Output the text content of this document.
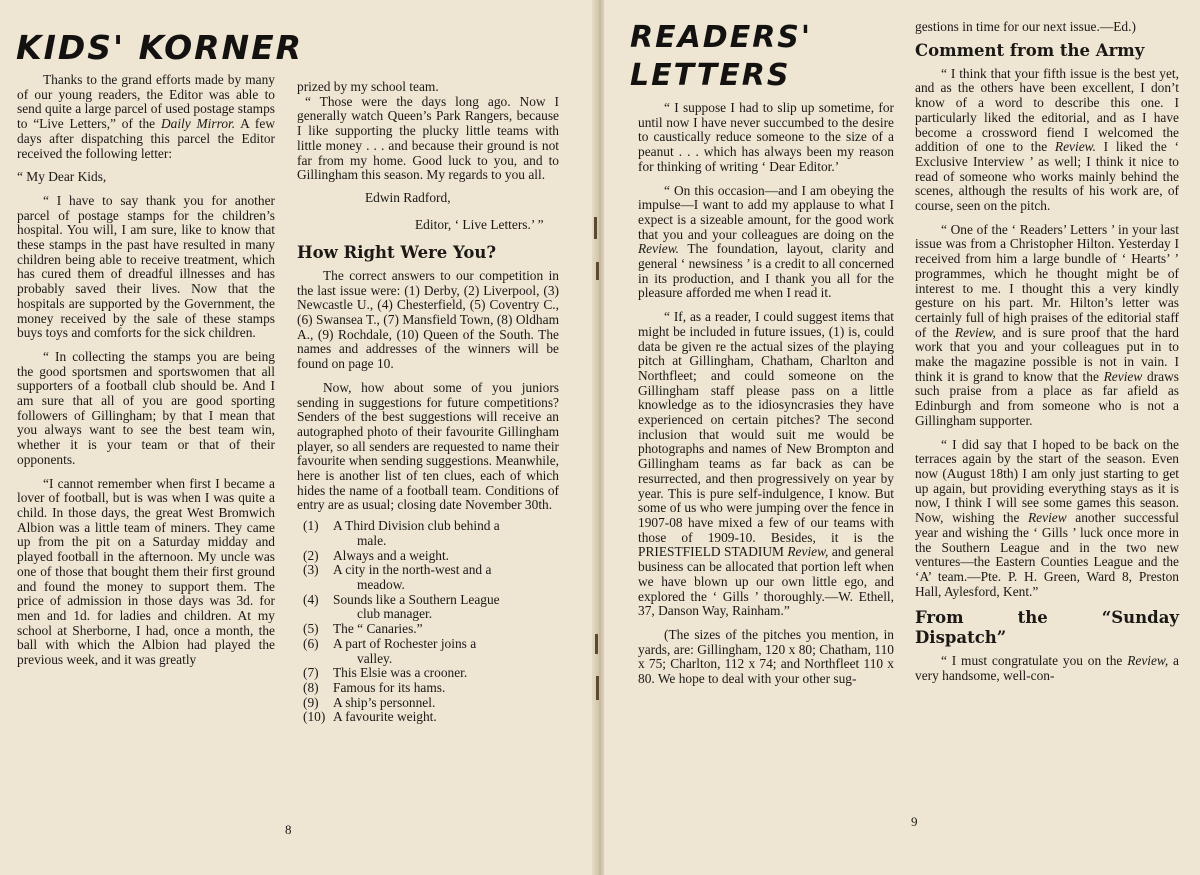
KIDS' KORNER

Thanks to the grand efforts made by many of our young readers, the Editor was able to send quite a large parcel of used postage stamps to “Live Letters,” of the Daily Mirror. A few days after dispatching this parcel the Editor received the following letter:

“ My Dear Kids,

“ I have to say thank you for another parcel of postage stamps for the children’s hospital. You will, I am sure, like to know that these stamps in the past have resulted in many children being able to receive treatment, which has cured them of dreadful illnesses and has probably saved their lives. Now that the hospitals are supported by the Government, the money received by the sale of these stamps buys toys and comforts for the sick children.

“ In collecting the stamps you are being the good sportsmen and sportswomen that all supporters of a football club should be. And I am sure that all of you are good sporting followers of Gillingham; by that I mean that you always want to see the best team win, whether it is your team or that of their opponents.

“I cannot remember when first I became a lover of football, but is was when I was quite a child. In those days, the great West Bromwich Albion was a little team of miners. They came up from the pit on a Saturday midday and played football in the afternoon. My uncle was one of those that bought them their first ground and found the money to support them. The price of admission in those days was 3d. for men and 1d. for ladies and children. At my school at Sherborne, I had, once a month, the ball with which the Albion had played the previous week, and it was greatly

prized by my school team.

“ Those were the days long ago. Now I generally watch Queen’s Park Rangers, because I like supporting the plucky little teams with little money . . . and because their ground is not far from my home. Good luck to you, and to Gillingham this season. My regards to you all.

Edwin Radford,

Editor, ‘ Live Letters.’ ”

How Right Were You?

The correct answers to our competition in the last issue were: (1) Derby, (2) Liverpool, (3) Newcastle U., (4) Chesterfield, (5) Coventry C., (6) Swansea T., (7) Mansfield Town, (8) Oldham A., (9) Rochdale, (10) Queen of the South. The names and addresses of the winners will be found on page 10.

Now, how about some of you juniors sending in suggestions for future competitions? Senders of the best suggestions will receive an autographed photo of their favourite Gillingham player, so all senders are requested to name their favourite when sending suggestions. Meanwhile, here is another list of ten clues, each of which hides the name of a football team. Conditions of entry are as usual; closing date November 30th.

(1) A Third Division club behind a
male.
(2) Always and a weight.
(3) A city in the north-west and a
meadow.
(4) Sounds like a Southern League
club manager.
(5) The “ Canaries.”
(6) A part of Rochester joins a
valley.
(7) This Elsie was a crooner.
(8) Famous for its hams.
(9) A ship’s personnel.
(10) A favourite weight.
8
READERS'
LETTERS

“ I suppose I had to slip up sometime, for until now I have never succumbed to the desire to caustically reduce someone to the size of a peanut . . . which has always been my reason for thinking of writing ‘ Dear Editor.’

“ On this occasion—and I am obeying the impulse—I want to add my applause to what I expect is a sizeable amount, for the good work that you and your colleagues are doing on the Review. The foundation, layout, clarity and general ‘ newsiness ’ is a credit to all concerned in its production, and I thank you all for the pleasure afforded me when I read it.

“ If, as a reader, I could suggest items that might be included in future issues, (1) is, could data be given re the actual sizes of the playing pitch at Gillingham, Chatham, Charlton and Northfleet; and could someone on the Gillingham staff please pass on a little knowledge as to the idiosyncrasies they have experienced on certain pitches? The second inclusion that would suit me would be photographs and names of New Brompton and Gillingham teams as far back as can be resurrected, and then progressively on year by year. This is pure self-indulgence, I know. But some of us who were jumping over the fence in 1907-08 have mixed a few of our teams with those of 1909-10. Besides, it is the PRIESTFIELD STADIUM Review, and general business can be allocated that portion left when we have blown up our own little ego, and explored the ‘ Gills ’ thoroughly.—W. Ethell, 37, Danson Way, Rainham.”

(The sizes of the pitches you mention, in yards, are: Gillingham, 120 x 80; Chatham, 110 x 75; Charlton, 112 x 74; and Northfleet 110 x 80. We hope to deal with your other sug-

gestions in time for our next issue.—Ed.)

Comment from the Army

“ I think that your fifth issue is the best yet, and as the others have been excellent, I don’t know of a word to describe this one. I particularly liked the editorial, and as I have become a crossword fiend I welcomed the addition of one to the Review. I liked the ‘ Exclusive Interview ’ as well; I think it nice to read of someone who works mainly behind the scenes, although the results of his work are, of course, seen on the pitch.

“ One of the ‘ Readers’ Letters ’ in your last issue was from a Christopher Hilton. Yesterday I received from him a large bundle of ‘ Hearts’ ’ programmes, which he thought might be of interest to me. I thought this a very kindly gesture on his part. Mr. Hilton’s letter was certainly full of high praises of the editorial staff of the Review, and is sure proof that the hard work that you and your colleagues put in to make the magazine possible is not in vain. I think it is grand to know that the Review draws such praise from a place as far afield as Edinburgh and from someone who is not a Gillingham supporter.

“ I did say that I hoped to be back on the terraces again by the start of the season. Even now (August 18th) I am only just starting to get up again, but providing everything stays as it is now, I think I will see some games this season. Now, wishing the Review another successful year and wishing the ‘ Gills ’ luck once more in the Southern League and in the two new ventures—the Eastern Counties League and the ‘A’ team.—Pte. P. H. Green, Ward 8, Preston Hall, Aylesford, Kent.”

From the “Sunday Dispatch”

“ I must congratulate you on the Review, a very handsome, well-con-

9
